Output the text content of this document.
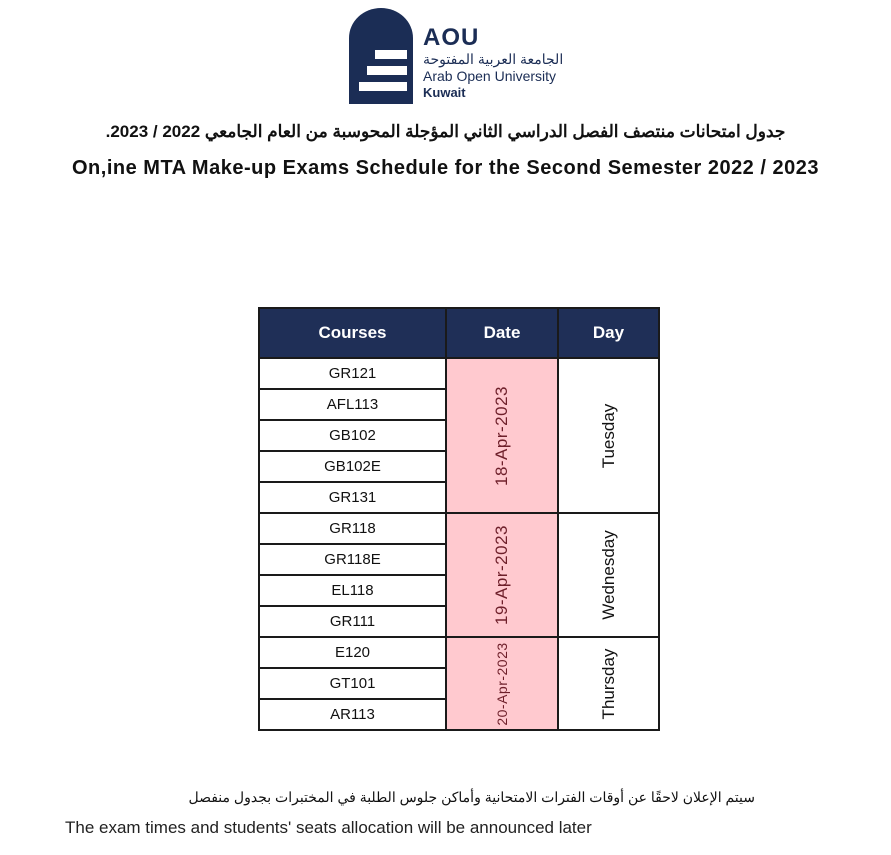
AOU
الجامعة العربية المفتوحة
Arab Open University
Kuwait
جدول امتحانات منتصف الفصل الدراسي الثاني المؤجلة المحوسبة من العام الجامعي 2022 / 2023.
On,ine MTA Make-up Exams Schedule for the Second Semester 2022 / 2023
Courses	Date	Day
GR121	18-Apr-2023	Tuesday

AFL113		
GB102		
GB102E		
GR131		
GR118	19-Apr-2023	Wednesday

GR118E		
EL118		
GR111		
E120	20-Apr-2023	Thursday

GT101		
AR113		
سيتم الإعلان لاحقًا عن أوقات الفترات الامتحانية وأماكن جلوس الطلبة في المختبرات بجدول منفصل
The exam times and students' seats allocation will be announced later
